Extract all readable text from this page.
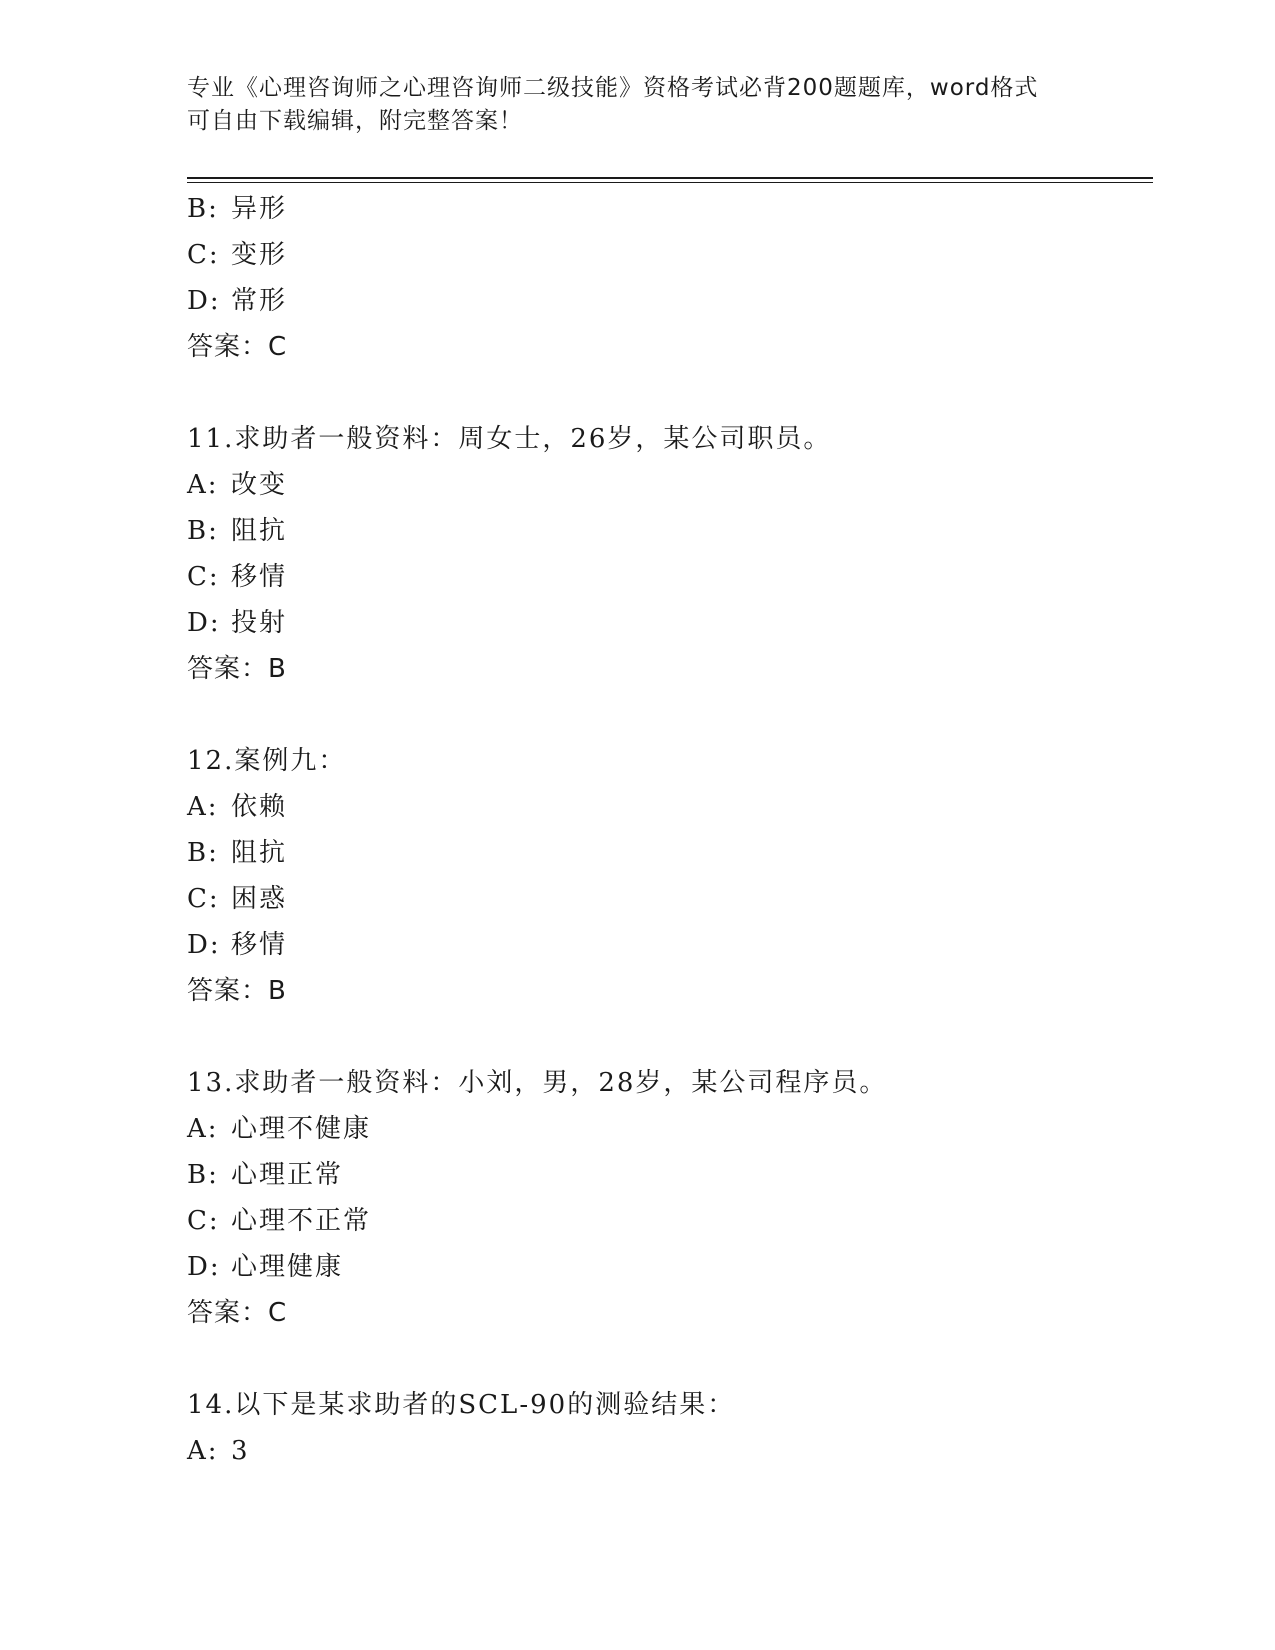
专业《心理咨询师之心理咨询师二级技能》资格考试必背200题题库，word格式
可自由下载编辑，附完整答案！
B: 异形
C: 变形
D: 常形
答案：C
11.求助者一般资料：周女士，26岁，某公司职员。
A: 改变
B: 阻抗
C: 移情
D: 投射
答案：B
12.案例九：
A: 依赖
B: 阻抗
C: 困惑
D: 移情
答案：B
13.求助者一般资料：小刘，男，28岁，某公司程序员。
A: 心理不健康
B: 心理正常
C: 心理不正常
D: 心理健康
答案：C
14.以下是某求助者的SCL-90的测验结果：
A: 3
